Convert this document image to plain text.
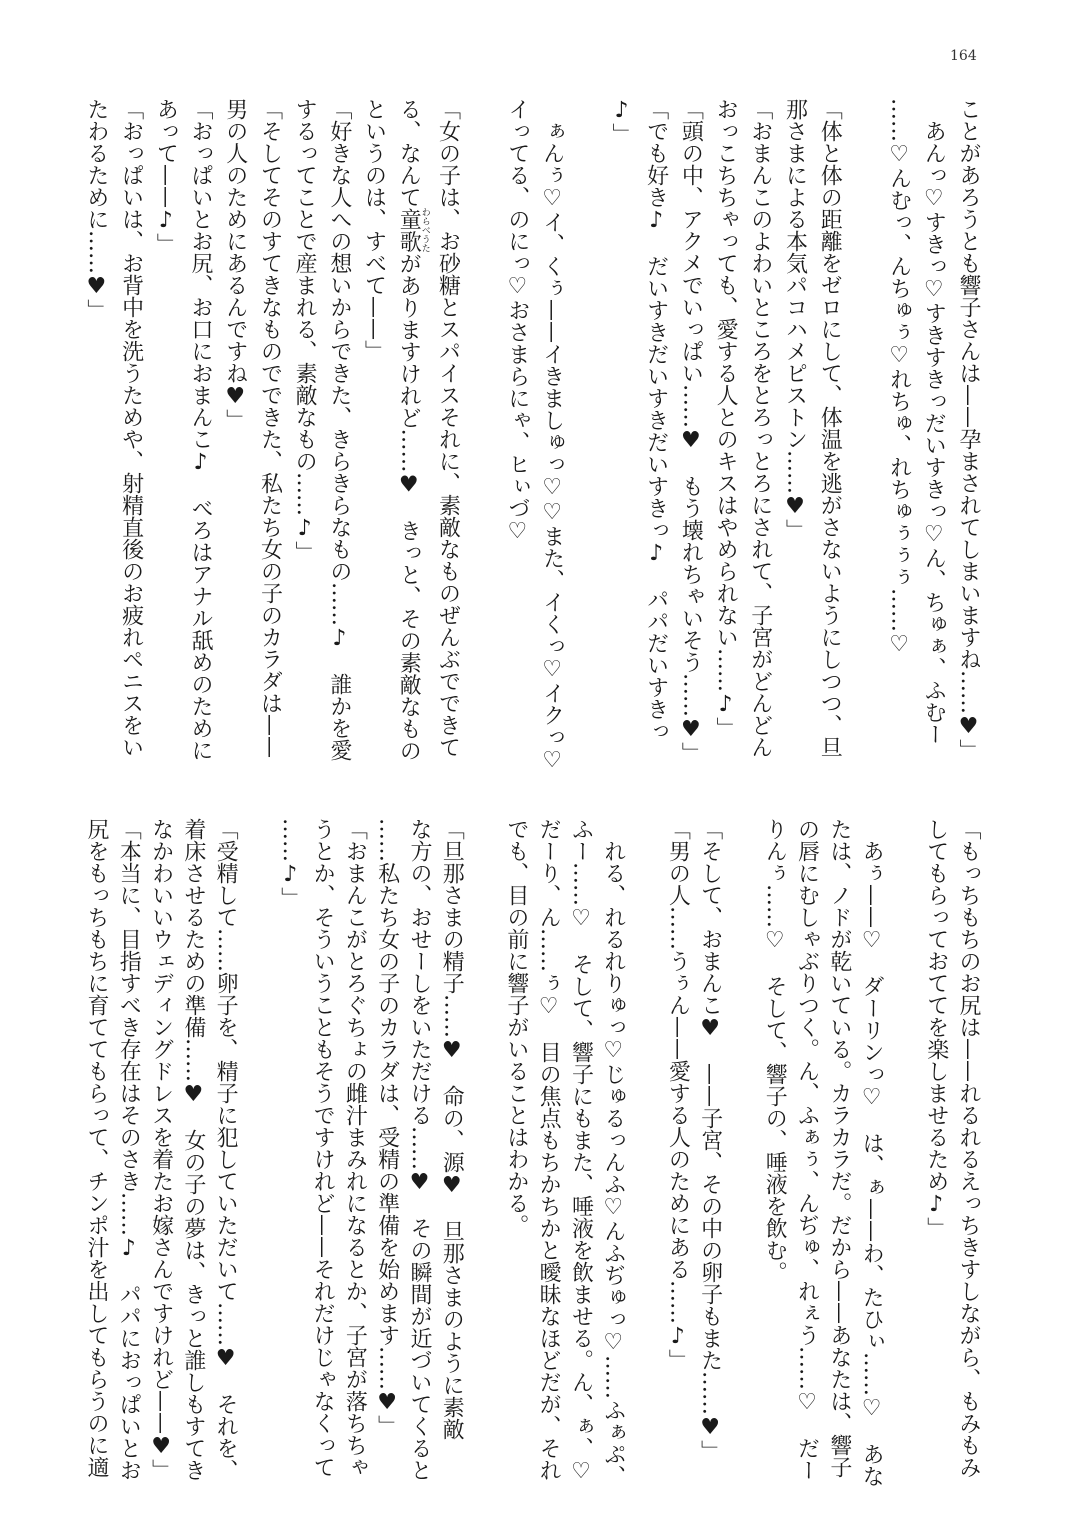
164
ことがあろうとも響子さんは——孕まされてしまいますね……♥」
　あんっ♡すきっ♡すきすきっだいすきっ♡ん、ちゅぁ、ふむー
……♡んむっ、んちゅぅ♡れちゅ、れちゅぅぅぅ……♡

「体と体の距離をゼロにして、体温を逃がさないようにしつつ、旦
那さまによる本気パコハメピストン……♥」
「おまんこのよわいところをとろっとろにされて、子宮がどんどん
おっこちちゃっても、愛する人とのキスはやめられない……♪」
「頭の中、アクメでいっぱい……♥　もう壊れちゃいそう……♥」
「でも好き♪　だいすきだいすきだいすきっ♪　パパだいすきっ
♪」

　ぁんぅ♡イ、くぅ——イきましゅっ♡♡また、イくっ♡イクっ♡
イってる、のにっ♡おさまらにゃ、ヒぃづ♡

「女の子は、お砂糖とスパイスそれに、素敵なものぜんぶでできて
る、なんて童歌わらべうたがありますけれど……♥　きっと、その素敵なもの
というのは、すべて——」
「好きな人への想いからできた、きらきらなもの……♪　誰かを愛
するってことで産まれる、素敵なもの……♪」
「そしてそのすてきなものでできた、私たち女の子のカラダは——
男の人のためにあるんですね♥」
「おっぱいとお尻、お口におまんこ♪　べろはアナル舐めのために
あって——♪」
「おっぱいは、お背中を洗うためや、射精直後のお疲れペニスをい
たわるために……♥」
「もっちもちのお尻は——れるれるえっちきすしながら、もみもみ
してもらっておててを楽しませるため♪」

　あぅ——♡　ダーリンっ♡　は、ぁ——わ、たひぃ……♡　あな
たは、ノドが乾いている。カラカラだ。だから——あなたは、響子
の唇にむしゃぶりつく。ん、ふぁぅ、んぢゅ、れぇう……♡　だー
りんぅ……♡　そして、響子の、唾液を飲む。

「そして、おまんこ♥　——子宮、その中の卵子もまた……♥」
「男の人……うぅん——愛する人のためにある……♪」

　れる、れるれりゅっ♡じゅるっんふ♡んふぢゅっ♡……ふぁぷ、
ふー……♡　そして、響子にもまた、唾液を飲ませる。ん、ぁ、♡
だーり、ん……ぅ♡　目の焦点もちかちかと曖昧なほどだが、それ
でも、目の前に響子がいることはわかる。

「旦那さまの精子……♥　命の、源♥　旦那さまのように素敵
な方の、おせーしをいただける……♥　その瞬間が近づいてくると
……私たち女の子のカラダは、受精の準備を始めます……♥」
「おまんこがとろぐちょの雌汁まみれになるとか、子宮が落ちちゃ
うとか、そういうこともそうですけれど——それだけじゃなくって
……♪」

「受精して……卵子を、精子に犯していただいて……♥　それを、
着床させるための準備……♥　女の子の夢は、きっと誰しもすてき
なかわいいウェディングドレスを着たお嫁さんですけれど——♥」
「本当に、目指すべき存在はそのさき……♪　パパにおっぱいとお
尻をもっちもちに育ててもらって、チンポ汁を出してもらうのに適
